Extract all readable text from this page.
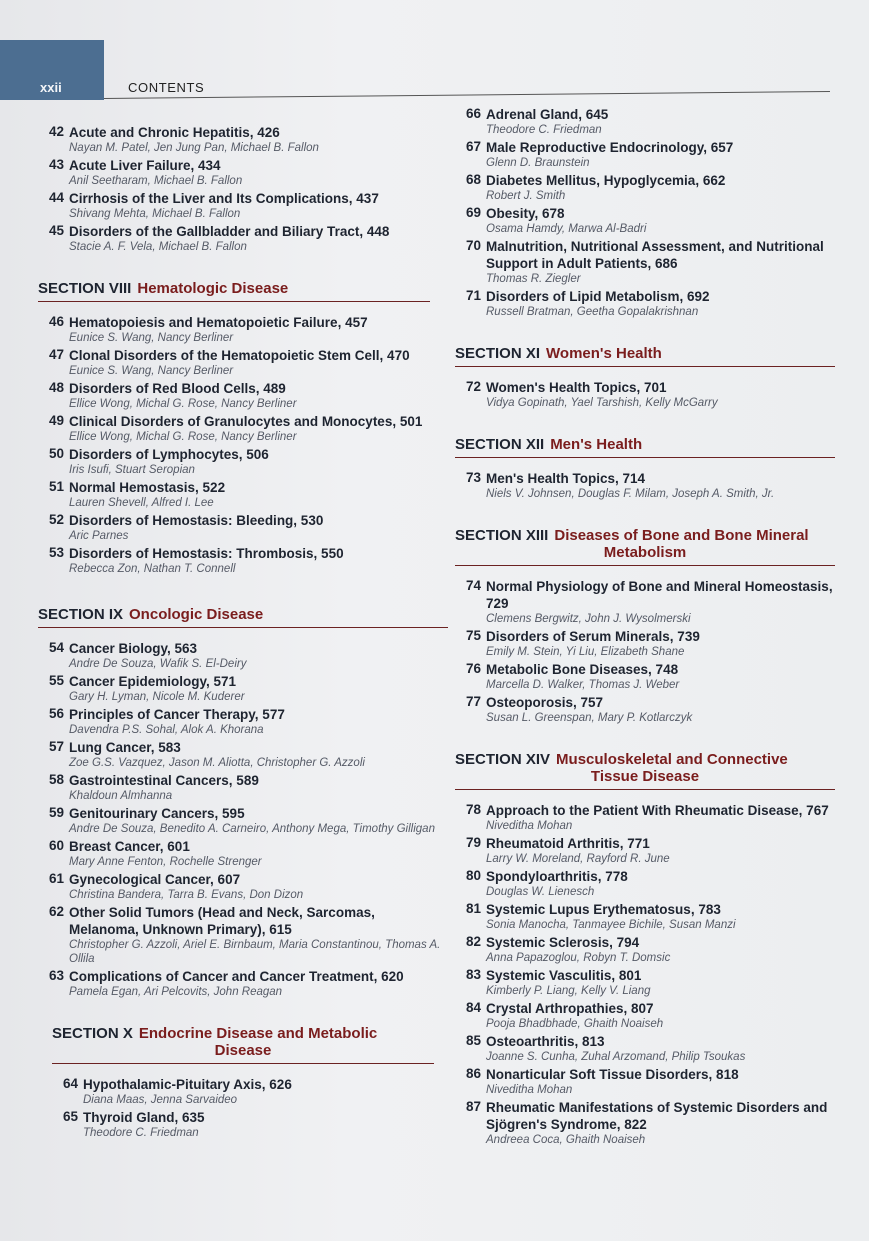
xxii	CONTENTS
42 Acute and Chronic Hepatitis, 426
Nayan M. Patel, Jen Jung Pan, Michael B. Fallon
43 Acute Liver Failure, 434
Anil Seetharam, Michael B. Fallon
44 Cirrhosis of the Liver and Its Complications, 437
Shivang Mehta, Michael B. Fallon
45 Disorders of the Gallbladder and Biliary Tract, 448
Stacie A. F. Vela, Michael B. Fallon
SECTION VIII Hematologic Disease
46 Hematopoiesis and Hematopoietic Failure, 457
Eunice S. Wang, Nancy Berliner
47 Clonal Disorders of the Hematopoietic Stem Cell, 470
Eunice S. Wang, Nancy Berliner
48 Disorders of Red Blood Cells, 489
Ellice Wong, Michal G. Rose, Nancy Berliner
49 Clinical Disorders of Granulocytes and Monocytes, 501
Ellice Wong, Michal G. Rose, Nancy Berliner
50 Disorders of Lymphocytes, 506
Iris Isufi, Stuart Seropian
51 Normal Hemostasis, 522
Lauren Shevell, Alfred I. Lee
52 Disorders of Hemostasis: Bleeding, 530
Aric Parnes
53 Disorders of Hemostasis: Thrombosis, 550
Rebecca Zon, Nathan T. Connell
SECTION IX Oncologic Disease
54 Cancer Biology, 563
Andre De Souza, Wafik S. El-Deiry
55 Cancer Epidemiology, 571
Gary H. Lyman, Nicole M. Kuderer
56 Principles of Cancer Therapy, 577
Davendra P.S. Sohal, Alok A. Khorana
57 Lung Cancer, 583
Zoe G.S. Vazquez, Jason M. Aliotta, Christopher G. Azzoli
58 Gastrointestinal Cancers, 589
Khaldoun Almhanna
59 Genitourinary Cancers, 595
Andre De Souza, Benedito A. Carneiro, Anthony Mega, Timothy Gilligan
60 Breast Cancer, 601
Mary Anne Fenton, Rochelle Strenger
61 Gynecological Cancer, 607
Christina Bandera, Tarra B. Evans, Don Dizon
62 Other Solid Tumors (Head and Neck, Sarcomas, Melanoma, Unknown Primary), 615
Christopher G. Azzoli, Ariel E. Birnbaum, Maria Constantinou, Thomas A. Ollila
63 Complications of Cancer and Cancer Treatment, 620
Pamela Egan, Ari Pelcovits, John Reagan
SECTION X Endocrine Disease and Metabolic
Disease
64 Hypothalamic-Pituitary Axis, 626
Diana Maas, Jenna Sarvaideo
65 Thyroid Gland, 635
Theodore C. Friedman
66 Adrenal Gland, 645
Theodore C. Friedman
67 Male Reproductive Endocrinology, 657
Glenn D. Braunstein
68 Diabetes Mellitus, Hypoglycemia, 662
Robert J. Smith
69 Obesity, 678
Osama Hamdy, Marwa Al-Badri
70 Malnutrition, Nutritional Assessment, and Nutritional Support in Adult Patients, 686
Thomas R. Ziegler
71 Disorders of Lipid Metabolism, 692
Russell Bratman, Geetha Gopalakrishnan
SECTION XI Women's Health
72 Women's Health Topics, 701
Vidya Gopinath, Yael Tarshish, Kelly McGarry
SECTION XII Men's Health
73 Men's Health Topics, 714
Niels V. Johnsen, Douglas F. Milam, Joseph A. Smith, Jr.
SECTION XIII Diseases of Bone and Bone Mineral
Metabolism
74 Normal Physiology of Bone and Mineral Homeostasis, 729
Clemens Bergwitz, John J. Wysolmerski
75 Disorders of Serum Minerals, 739
Emily M. Stein, Yi Liu, Elizabeth Shane
76 Metabolic Bone Diseases, 748
Marcella D. Walker, Thomas J. Weber
77 Osteoporosis, 757
Susan L. Greenspan, Mary P. Kotlarczyk
SECTION XIV Musculoskeletal and Connective
Tissue Disease
78 Approach to the Patient With Rheumatic Disease, 767
Niveditha Mohan
79 Rheumatoid Arthritis, 771
Larry W. Moreland, Rayford R. June
80 Spondyloarthritis, 778
Douglas W. Lienesch
81 Systemic Lupus Erythematosus, 783
Sonia Manocha, Tanmayee Bichile, Susan Manzi
82 Systemic Sclerosis, 794
Anna Papazoglou, Robyn T. Domsic
83 Systemic Vasculitis, 801
Kimberly P. Liang, Kelly V. Liang
84 Crystal Arthropathies, 807
Pooja Bhadbhade, Ghaith Noaiseh
85 Osteoarthritis, 813
Joanne S. Cunha, Zuhal Arzomand, Philip Tsoukas
86 Nonarticular Soft Tissue Disorders, 818
Niveditha Mohan
87 Rheumatic Manifestations of Systemic Disorders and Sjögren's Syndrome, 822
Andreea Coca, Ghaith Noaiseh
